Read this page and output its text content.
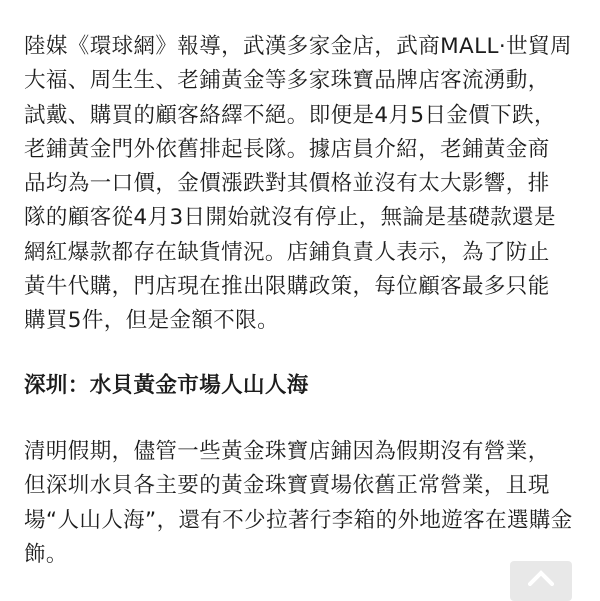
陸媒《環球網》報導，武漢多家金店，武商MALL·世貿周
大福、周生生、老鋪黃金等多家珠寶品牌店客流湧動，
試戴、購買的顧客絡繹不絕。即便是4月5日金價下跌，
老鋪黃金門外依舊排起長隊。據店員介紹，老鋪黃金商
品均為一口價，金價漲跌對其價格並沒有太大影響，排
隊的顧客從4月3日開始就沒有停止，無論是基礎款還是
網紅爆款都存在缺貨情況。店鋪負責人表示，為了防止
黃牛代購，門店現在推出限購政策，每位顧客最多只能
購買5件，但是金額不限。

深圳：水貝黃金市場人山人海

清明假期，儘管一些黃金珠寶店鋪因為假期沒有營業，
但深圳水貝各主要的黃金珠寶賣場依舊正常營業，且現
場“人山人海”，還有不少拉著行李箱的外地遊客在選購金
飾。
